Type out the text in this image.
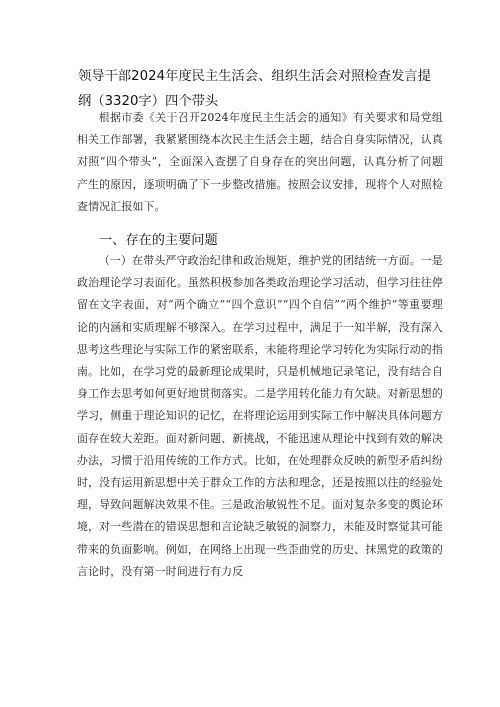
领导干部2024年度民主生活会、组织生活会对照检查发言提纲（3320字）四个带头

根据市委《关于召开2024年度民主生活会的通知》有关要求和局党组相关工作部署，我紧紧围绕本次民主生活会主题，结合自身实际情况，认真对照“四个带头”，全面深入查摆了自身存在的突出问题，认真分析了问题产生的原因，逐项明确了下一步整改措施。按照会议安排，现将个人对照检查情况汇报如下。

一、存在的主要问题

（一）在带头严守政治纪律和政治规矩，维护党的团结统一方面。一是政治理论学习表面化。虽然积极参加各类政治理论学习活动，但学习往往停留在文字表面，对“两个确立”“四个意识”“四个自信”“两个维护”等重要理论的内涵和实质理解不够深入。在学习过程中，满足于一知半解，没有深入思考这些理论与实际工作的紧密联系，未能将理论学习转化为实际行动的指南。比如，在学习党的最新理论成果时，只是机械地记录笔记，没有结合自身工作去思考如何更好地贯彻落实。二是学用转化能力有欠缺。对新思想的学习，侧重于理论知识的记忆，在将理论运用到实际工作中解决具体问题方面存在较大差距。面对新问题、新挑战，不能迅速从理论中找到有效的解决办法，习惯于沿用传统的工作方式。比如，在处理群众反映的新型矛盾纠纷时，没有运用新思想中关于群众工作的方法和理念，还是按照以往的经验处理，导致问题解决效果不佳。三是政治敏锐性不足。面对复杂多变的舆论环境，对一些潜在的错误思想和言论缺乏敏锐的洞察力，未能及时察觉其可能带来的负面影响。例如，在网络上出现一些歪曲党的历史、抹黑党的政策的言论时，没有第一时间进行有力反
